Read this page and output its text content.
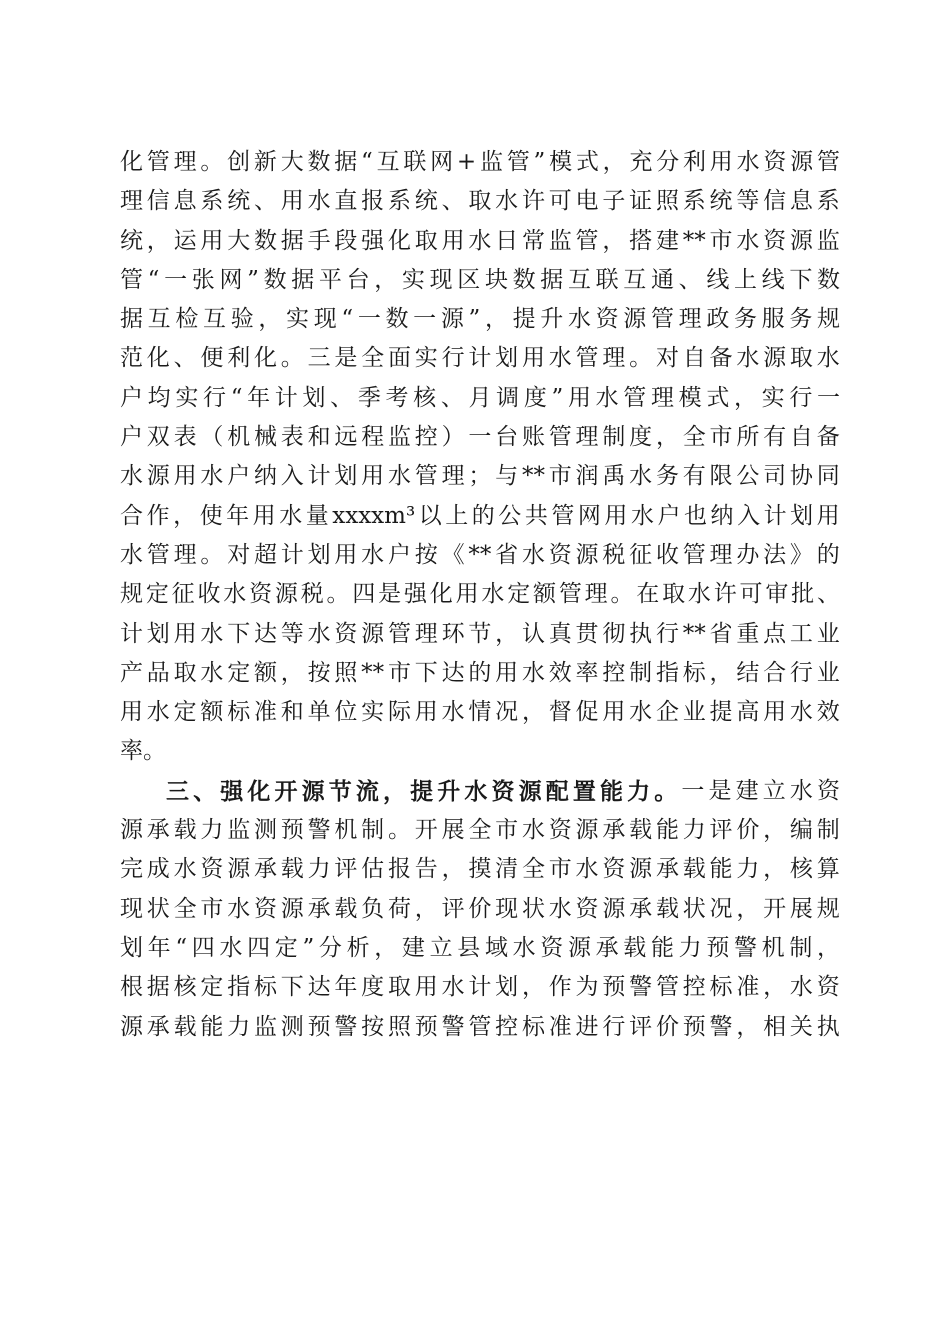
化 管 理 。 创 新 大 数 据 “ 互 联 网 + 监 管 ” 模 式 ， 充 分 利 用 水 资 源 管
理 信 息 系 统 、 用 水 直 报 系 统 、 取 水 许 可 电 子 证 照 系 统 等 信 息 系
统 ， 运 用 大 数 据 手 段 强 化 取 用 水 日 常 监 管 ， 搭 建 ** 市 水 资 源 监
管 “ 一 张 网 ” 数 据 平 台 ， 实 现 区 块 数 据 互 联 互 通 、 线 上 线 下 数
据 互 检 互 验 ， 实 现 “ 一 数 一 源 ” ， 提 升 水 资 源 管 理 政 务 服 务 规
范 化 、 便 利 化 。 三 是 全 面 实 行 计 划 用 水 管 理 。 对 自 备 水 源 取 水
户 均 实 行 “ 年 计 划 、 季 考 核 、 月 调 度 ” 用 水 管 理 模 式 ， 实 行 一
户 双 表 （ 机 械 表 和 远 程 监 控 ） 一 台 账 管 理 制 度 ， 全 市 所 有 自 备
水 源 用 水 户 纳 入 计 划 用 水 管 理 ； 与 ** 市 润 禹 水 务 有 限 公 司 协 同
合 作 ， 使 年 用 水 量 xxxxm³ 以 上 的 公 共 管 网 用 水 户 也 纳 入 计 划 用
水 管 理 。 对 超 计 划 用 水 户 按 《 ** 省 水 资 源 税 征 收 管 理 办 法 》 的
规 定 征 收 水 资 源 税 。 四 是 强 化 用 水 定 额 管 理 。 在 取 水 许 可 审 批 、
计 划 用 水 下 达 等 水 资 源 管 理 环 节 ， 认 真 贯 彻 执 行 ** 省 重 点 工 业
产 品 取 水 定 额 ， 按 照 ** 市 下 达 的 用 水 效 率 控 制 指 标 ， 结 合 行 业
用 水 定 额 标 准 和 单 位 实 际 用 水 情 况 ， 督 促 用 水 企 业 提 高 用 水 效
率。
三 、 强 化 开 源 节 流 ， 提 升 水 资 源 配 置 能 力 。 一 是 建 立 水 资
源 承 载 力 监 测 预 警 机 制 。 开 展 全 市 水 资 源 承 载 能 力 评 价 ， 编 制
完 成 水 资 源 承 载 力 评 估 报 告 ， 摸 清 全 市 水 资 源 承 载 能 力 ， 核 算
现 状 全 市 水 资 源 承 载 负 荷 ， 评 价 现 状 水 资 源 承 载 状 况 ， 开 展 规
划 年 “ 四 水 四 定 ” 分 析 ， 建 立 县 域 水 资 源 承 载 能 力 预 警 机 制 ，
根 据 核 定 指 标 下 达 年 度 取 用 水 计 划 ， 作 为 预 警 管 控 标 准 ， 水 资
源 承 载 能 力 监 测 预 警 按 照 预 警 管 控 标 准 进 行 评 价 预 警 ， 相 关 执
